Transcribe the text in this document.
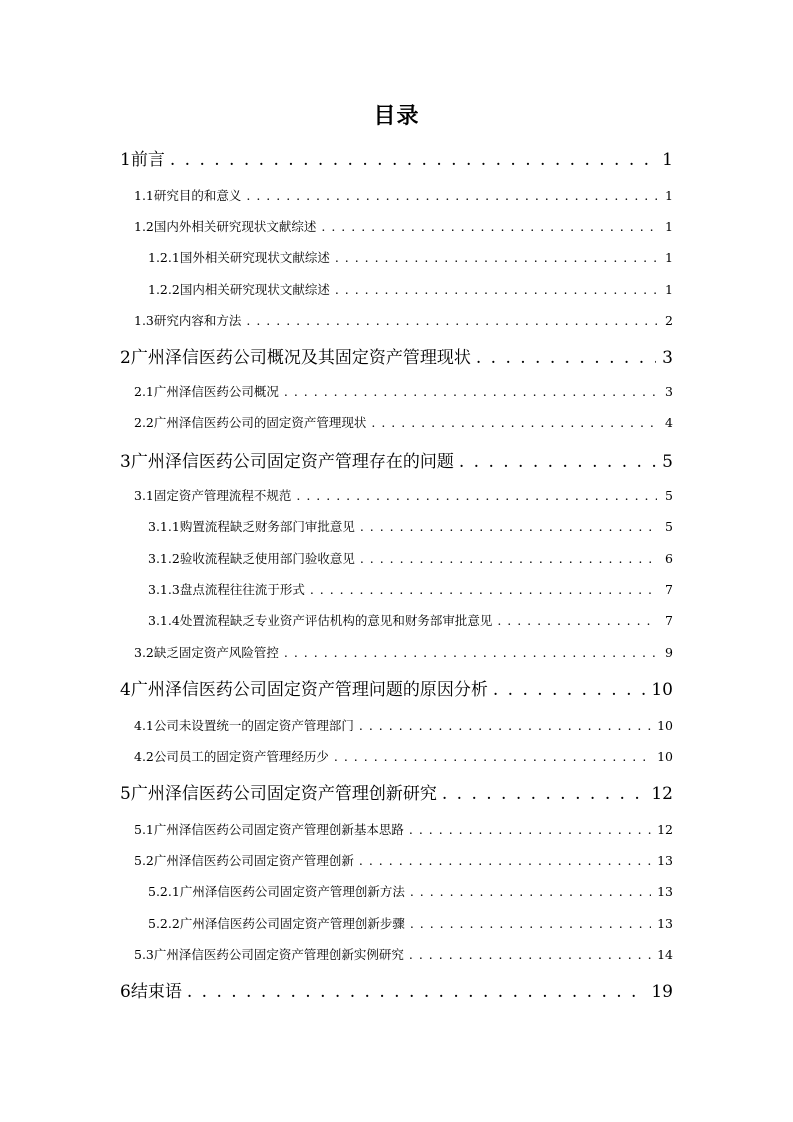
目录
1 前言 . . .	1
1.1 研究目的和意义 . . .	1
1.2 国内外相关研究现状文献综述 . . .	1
1.2.1 国外相关研究现状文献综述 . . .	1
1.2.2 国内相关研究现状文献综述 . . .	1
1.3 研究内容和方法 . . .	2
2 广州泽信医药公司概况及其固定资产管理现状 . . .	3
2.1 广州泽信医药公司概况 . . .	3
2.2 广州泽信医药公司的固定资产管理现状 . . .	4
3 广州泽信医药公司固定资产管理存在的问题 . . .	5
3.1 固定资产管理流程不规范 . . .	5
3.1.1 购置流程缺乏财务部门审批意见 . . .	5
3.1.2 验收流程缺乏使用部门验收意见 . . .	6
3.1.3 盘点流程往往流于形式 . . .	7
3.1.4 处置流程缺乏专业资产评估机构的意见和财务部审批意见 . . .	7
3.2 缺乏固定资产风险管控 . . .	9
4 广州泽信医药公司固定资产管理问题的原因分析 . . .	10
4.1 公司未设置统一的固定资产管理部门 . . .	10
4.2 公司员工的固定资产管理经历少 . . .	10
5 广州泽信医药公司固定资产管理创新研究 . . .	12
5.1 广州泽信医药公司固定资产管理创新基本思路 . . .	12
5.2 广州泽信医药公司固定资产管理创新 . . .	13
5.2.1 广州泽信医药公司固定资产管理创新方法 . . .	13
5.2.2 广州泽信医药公司固定资产管理创新步骤 . . .	13
5.3 广州泽信医药公司固定资产管理创新实例研究 . . .	14
6 结束语 . . .	19
